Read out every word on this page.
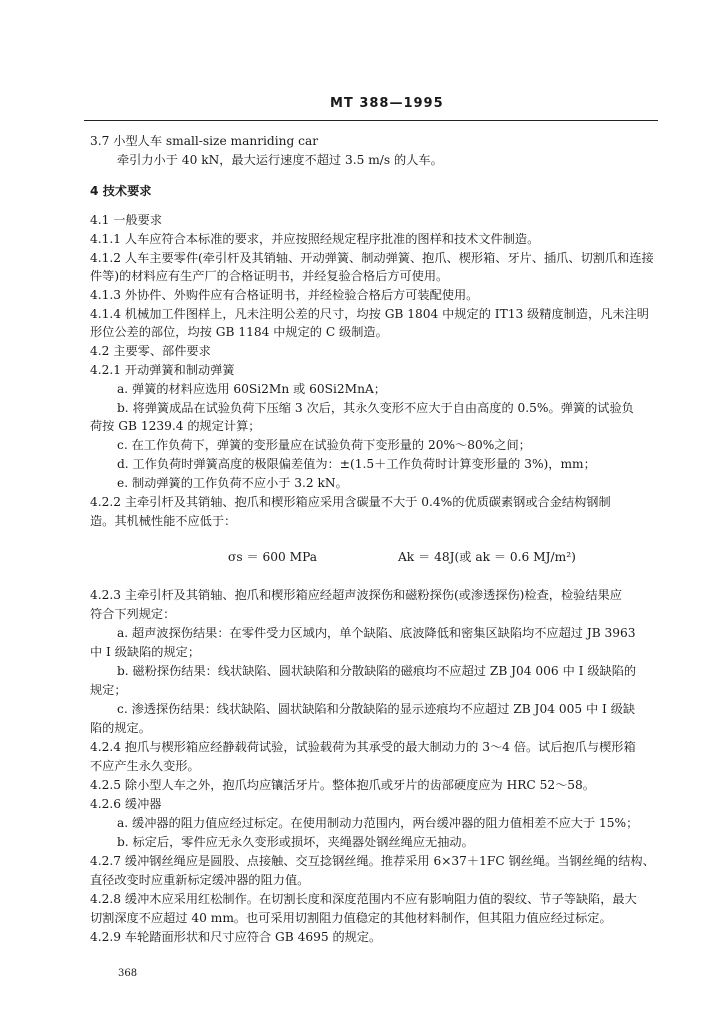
MT 388—1995
3.7 小型人车 small-size manriding car
牵引力小于 40 kN，最大运行速度不超过 3.5 m/s 的人车。
4 技术要求
4.1 一般要求
4.1.1 人车应符合本标准的要求，并应按照经规定程序批准的图样和技术文件制造。
4.1.2 人车主要零件(牵引杆及其销轴、开动弹簧、制动弹簧、抱爪、楔形箱、牙片、插爪、切割爪和连接
件等)的材料应有生产厂的合格证明书，并经复验合格后方可使用。
4.1.3 外协件、外购件应有合格证明书，并经检验合格后方可装配使用。
4.1.4 机械加工件图样上，凡未注明公差的尺寸，均按 GB 1804 中规定的 IT13 级精度制造，凡未注明
形位公差的部位，均按 GB 1184 中规定的 C 级制造。
4.2 主要零、部件要求
4.2.1 开动弹簧和制动弹簧
a. 弹簧的材料应选用 60Si2Mn 或 60Si2MnA；
b. 将弹簧成品在试验负荷下压缩 3 次后，其永久变形不应大于自由高度的 0.5%。弹簧的试验负
荷按 GB 1239.4 的规定计算；
c. 在工作负荷下，弹簧的变形量应在试验负荷下变形量的 20%～80%之间；
d. 工作负荷时弹簧高度的极限偏差值为：±(1.5＋工作负荷时计算变形量的 3%)，mm；
e. 制动弹簧的工作负荷不应小于 3.2 kN。
4.2.2 主牵引杆及其销轴、抱爪和楔形箱应采用含碳量不大于 0.4%的优质碳素钢或合金结构钢制
造。其机械性能不应低于：
σs ＝ 600 MPa	Ak ＝ 48J(或 ak ＝ 0.6 MJ/m²)
4.2.3 主牵引杆及其销轴、抱爪和楔形箱应经超声波探伤和磁粉探伤(或渗透探伤)检查，检验结果应
符合下列规定：
a. 超声波探伤结果：在零件受力区域内，单个缺陷、底波降低和密集区缺陷均不应超过 JB 3963
中 Ⅰ 级缺陷的规定；
b. 磁粉探伤结果：线状缺陷、圆状缺陷和分散缺陷的磁痕均不应超过 ZB J04 006 中 Ⅰ 级缺陷的
规定；
c. 渗透探伤结果：线状缺陷、圆状缺陷和分散缺陷的显示迹痕均不应超过 ZB J04 005 中 Ⅰ 级缺
陷的规定。
4.2.4 抱爪与楔形箱应经静载荷试验，试验载荷为其承受的最大制动力的 3～4 倍。试后抱爪与楔形箱
不应产生永久变形。
4.2.5 除小型人车之外，抱爪均应镶活牙片。整体抱爪或牙片的齿部硬度应为 HRC 52～58。
4.2.6 缓冲器
a. 缓冲器的阻力值应经过标定。在使用制动力范围内，两台缓冲器的阻力值相差不应大于 15%；
b. 标定后，零件应无永久变形或损坏，夹绳器处钢丝绳应无抽动。
4.2.7 缓冲钢丝绳应是圆股、点接触、交互捻钢丝绳。推荐采用 6×37＋1FC 钢丝绳。当钢丝绳的结构、
直径改变时应重新标定缓冲器的阻力值。
4.2.8 缓冲木应采用红松制作。在切割长度和深度范围内不应有影响阻力值的裂纹、节子等缺陷，最大
切割深度不应超过 40 mm。也可采用切割阻力值稳定的其他材料制作，但其阻力值应经过标定。
4.2.9 车轮踏面形状和尺寸应符合 GB 4695 的规定。
368
